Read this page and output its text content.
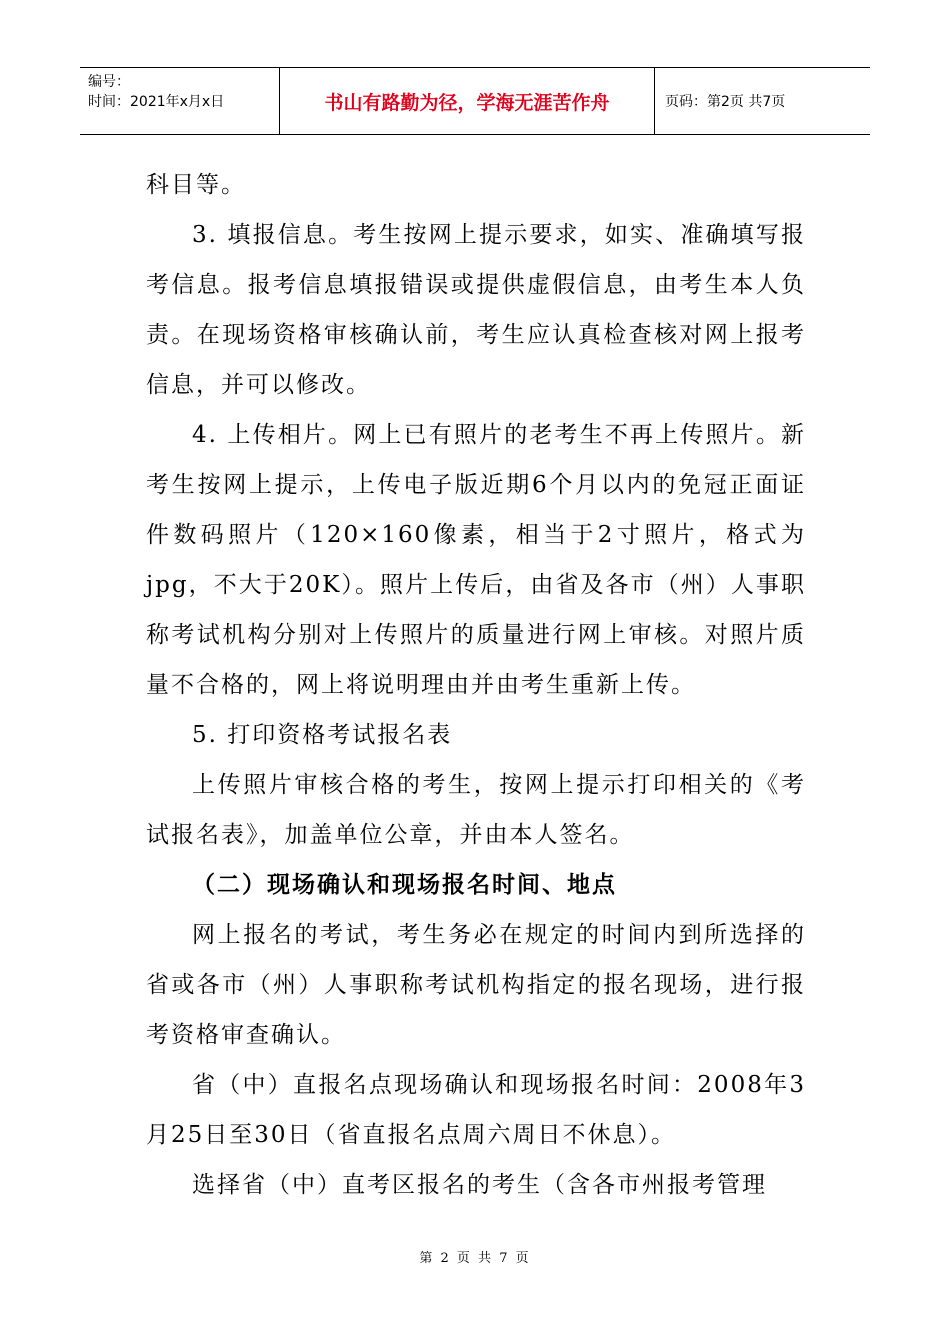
编号：
时间：2021年x月x日	书山有路勤为径，学海无涯苦作舟	页码：第2页 共7页

科目等。

3. 填报信息。考生按网上提示要求，如实、准确填写报考信息。报考信息填报错误或提供虚假信息，由考生本人负责。在现场资格审核确认前，考生应认真检查核对网上报考信息，并可以修改。

4. 上传相片。网上已有照片的老考生不再上传照片。新考生按网上提示，上传电子版近期6个月以内的免冠正面证件数码照片（120×160像素，相当于2寸照片，格式为jpg，不大于20K）。照片上传后，由省及各市（州）人事职称考试机构分别对上传照片的质量进行网上审核。对照片质量不合格的，网上将说明理由并由考生重新上传。

5. 打印资格考试报名表

上传照片审核合格的考生，按网上提示打印相关的《考试报名表》，加盖单位公章，并由本人签名。

（二）现场确认和现场报名时间、地点

网上报名的考试，考生务必在规定的时间内到所选择的省或各市（州）人事职称考试机构指定的报名现场，进行报考资格审查确认。

省（中）直报名点现场确认和现场报名时间：2008年3月25日至30日（省直报名点周六周日不休息）。

选择省（中）直考区报名的考生（含各市州报考管理

第 2 页 共 7 页
